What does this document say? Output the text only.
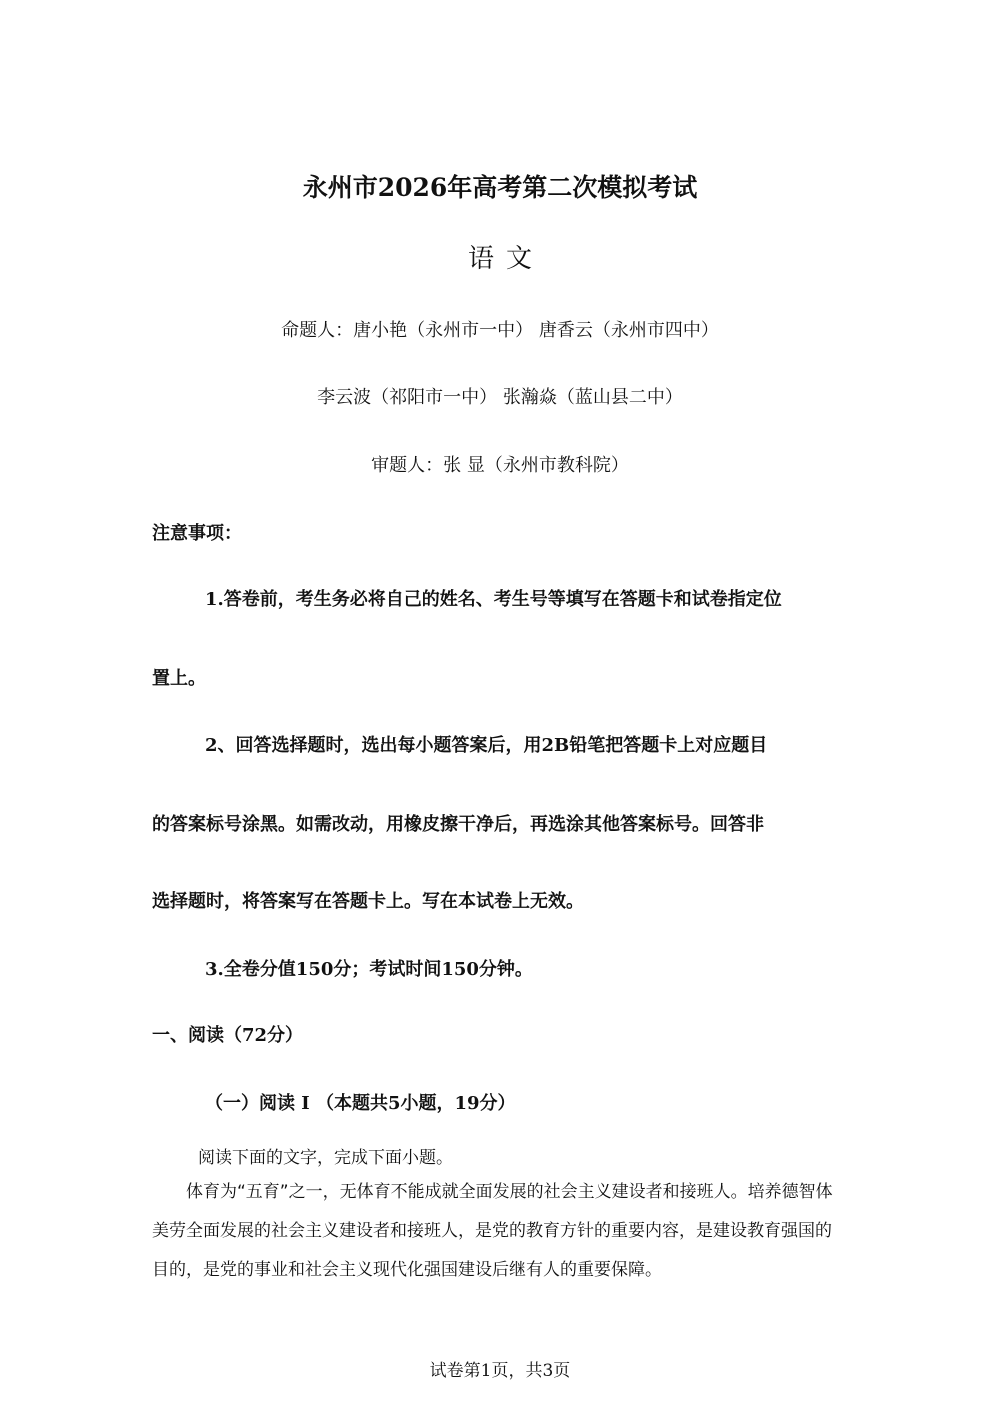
永州市2026年高考第二次模拟考试
语文
命题人：唐小艳（永州市一中） 唐香云（永州市四中）
李云波（祁阳市一中） 张瀚焱（蓝山县二中）
审题人：张 显（永州市教科院）
注意事项：
1.答卷前，考生务必将自己的姓名、考生号等填写在答题卡和试卷指定位
置上。
2、回答选择题时，选出每小题答案后，用2B铅笔把答题卡上对应题目
的答案标号涂黑。如需改动，用橡皮擦干净后，再选涂其他答案标号。回答非
选择题时，将答案写在答题卡上。写在本试卷上无效。
3.全卷分值150分；考试时间150分钟。
一、阅读（72分）
（一）阅读 I （本题共5小题，19分）
阅读下面的文字，完成下面小题。

体育为“五育”之一，无体育不能成就全面发展的社会主义建设者和接班人。培养德智体美劳全面发展的社会主义建设者和接班人，是党的教育方针的重要内容，是建设教育强国的目的，是党的事业和社会主义现代化强国建设后继有人的重要保障。

试卷第1页，共3页
